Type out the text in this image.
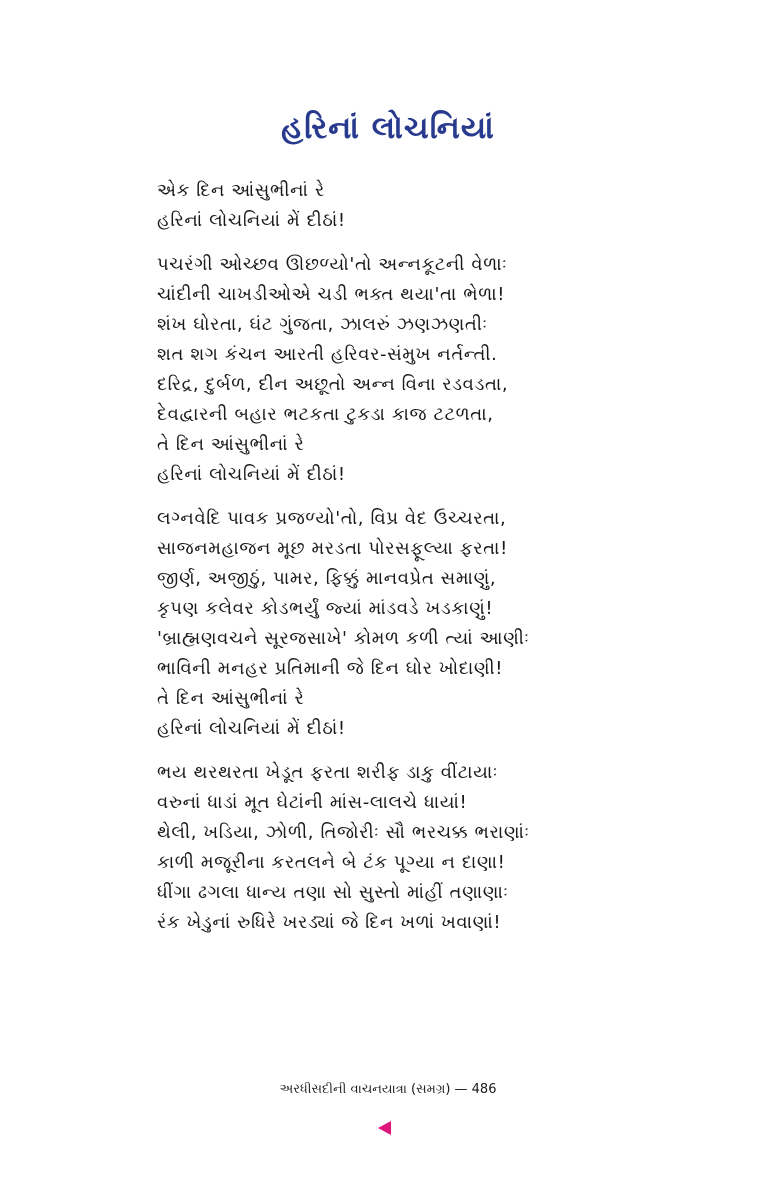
હરિનાં લોચનિયાં
એક દિન આંસુભીનાં રે
હરિનાં લોચનિયાં મેં દીઠાં!
પચરંગી ઓચ્છવ ઊછળ્યો'તો અન્નકૂટની વેળાઃ
ચાંદીની ચાખડીઓએ ચડી ભક્ત થયા'તા ભેળા!
શંખ ઘોરતા, ઘંટ ગુંજતા, ઝાલરું ઝણઝણતીઃ
શત શગ કંચન આરતી હરિવર-સંમુખ નર્તન્તી.
દરિદ્ર, દુર્બળ, દીન અછૂતો અન્ન વિના રડવડતા,
દેવદ્વારની બહાર ભટકતા ટુકડા કાજ ટટળતા,
તે દિન આંસુભીનાં રે
હરિનાં લોચનિયાં મેં દીઠાં!
લગ્નવેદિ પાવક પ્રજળ્યો'તો, વિપ્ર વેદ ઉચ્ચરતા,
સાજનમહાજન મૂછ મરડતા પોરસફૂલ્યા ફરતા!
જીર્ણ, અજીઠું, પામર, ફિક્કું માનવપ્રેત સમાણું,
કૃપણ કલેવર કોડભર્યું જ્યાં માંડવડે ખડકાણું!
'બ્રાહ્મણવચને સૂરજસાખે' કોમળ કળી ત્યાં આણીઃ
ભાવિની મનહર પ્રતિમાની જે દિન ઘોર ખોદાણી!
તે દિન આંસુભીનાં રે
હરિનાં લોચનિયાં મેં દીઠાં!
ભય થરથરતા ખેડૂત ફરતા શરીફ ડાકુ વીંટાયાઃ
વરુનાં ધાડાં મૂત ઘેટાંની માંસ-લાલચે ધાયાં!
થેલી, ખડિયા, ઝોળી, તિજોરીઃ સૌ ભરચક્ક ભરાણાંઃ
કાળી મજૂરીના કરતલને બે ટંક પૂગ્યા ન દાણા!
ધીંગા ઢગલા ધાન્ય તણા સો સુસ્તો માંહીં તણાણાઃ
રંક ખેડુનાં રુધિરે ખરડ્યાં જે દિન ખળાં ખવાણાં!
અરધીસદીની વાચનયાત્રા (સમગ્ર) — 486
